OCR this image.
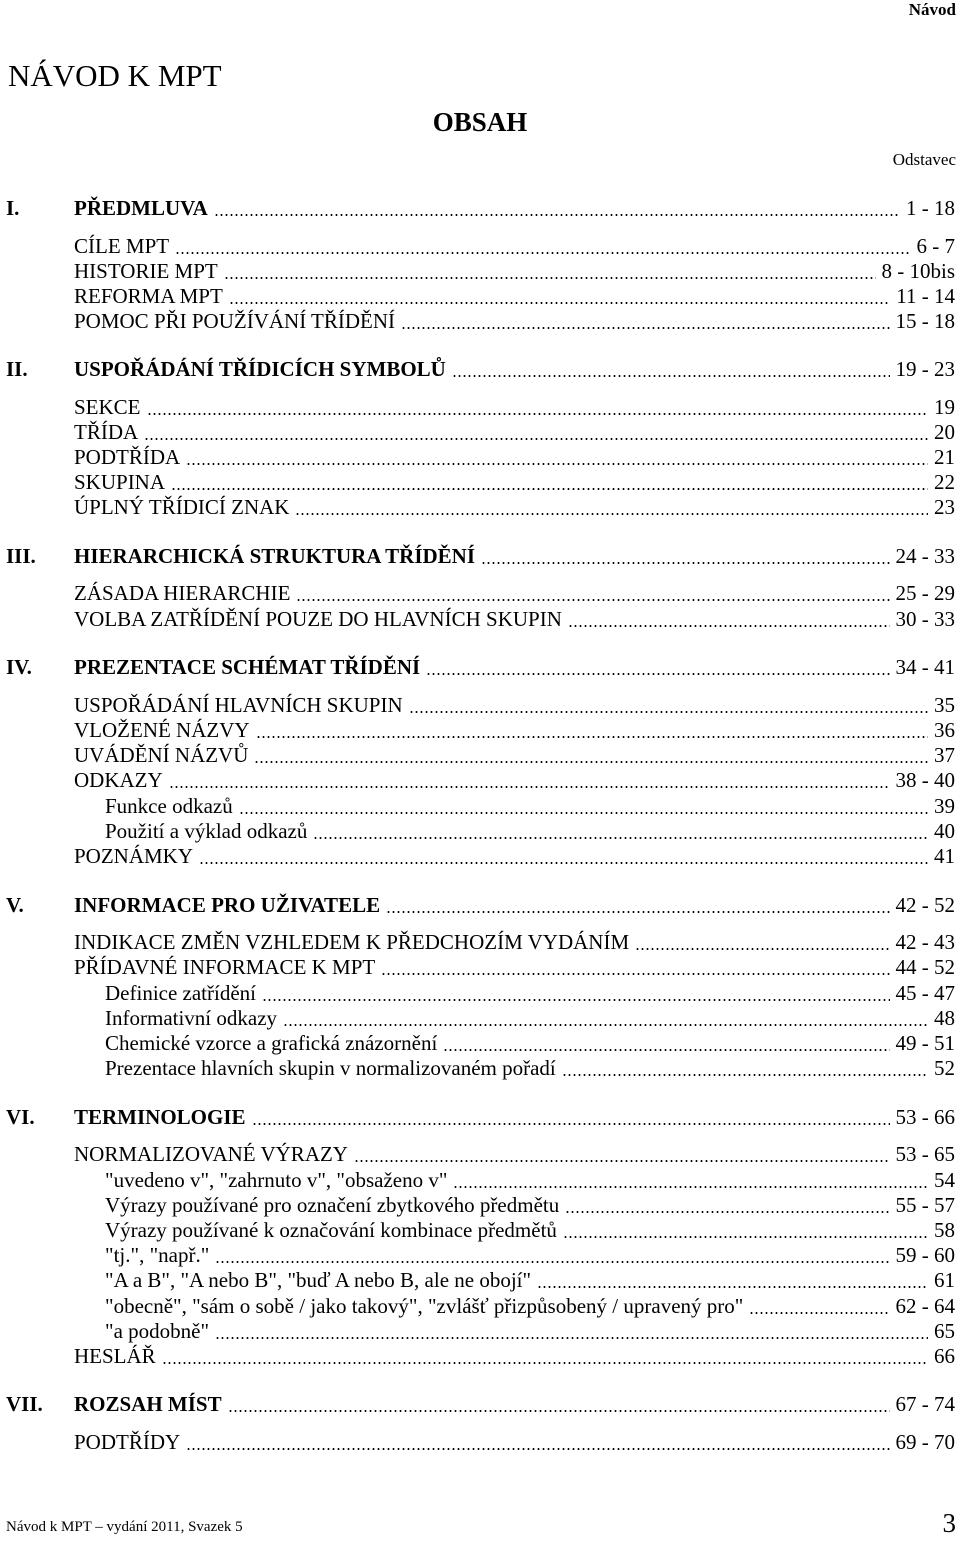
Návod
NÁVOD K MPT
OBSAH
Odstavec
I.	PŘEDMLUVA	1 - 18
CÍLE MPT	6 - 7
HISTORIE MPT	8 - 10bis
REFORMA MPT	11 - 14
POMOC PŘI POUŽÍVÁNÍ TŘÍDĚNÍ	15 - 18
II.	USPOŘÁDÁNÍ TŘÍDICÍCH SYMBOLŮ	19 - 23
SEKCE	19
TŘÍDA	20
PODTŘÍDA	21
SKUPINA	22
ÚPLNÝ TŘÍDICÍ ZNAK	23
III.	HIERARCHICKÁ STRUKTURA TŘÍDĚNÍ	24 - 33
ZÁSADA HIERARCHIE	25 - 29
VOLBA ZATŘÍDĚNÍ POUZE DO HLAVNÍCH SKUPIN	30 - 33
IV.	PREZENTACE SCHÉMAT TŘÍDĚNÍ	34 - 41
USPOŘÁDÁNÍ HLAVNÍCH SKUPIN	35
VLOŽENÉ NÁZVY	36
UVÁDĚNÍ NÁZVŮ	37
ODKAZY	38 - 40
Funkce odkazů	39
Použití a výklad odkazů	40
POZNÁMKY	41
V.	INFORMACE PRO UŽIVATELE	42 - 52
INDIKACE ZMĚN VZHLEDEM K PŘEDCHOZÍM VYDÁNÍM	42 - 43
PŘÍDAVNÉ INFORMACE K MPT	44 - 52
Definice zatřídění	45 - 47
Informativní odkazy	48
Chemické vzorce a grafická znázornění	49 - 51
Prezentace hlavních skupin v normalizovaném pořadí	52
VI.	TERMINOLOGIE	53 - 66
NORMALIZOVANÉ VÝRAZY	53 - 65
"uvedeno v", "zahrnuto v", "obsaženo v"	54
Výrazy používané pro označení zbytkového předmětu	55 - 57
Výrazy používané k označování kombinace předmětů	58
"tj.", "např."	59 - 60
"A a B", "A nebo B", "buď A nebo B, ale ne obojí"	61
"obecně", "sám o sobě / jako takový", "zvlášť přizpůsobený / upravený pro"	62 - 64
"a podobně"	65
HESLÁŘ	66
VII.	ROZSAH MÍST	67 - 74
PODTŘÍDY	69 - 70
Návod k MPT – vydání 2011, Svazek 5	3
